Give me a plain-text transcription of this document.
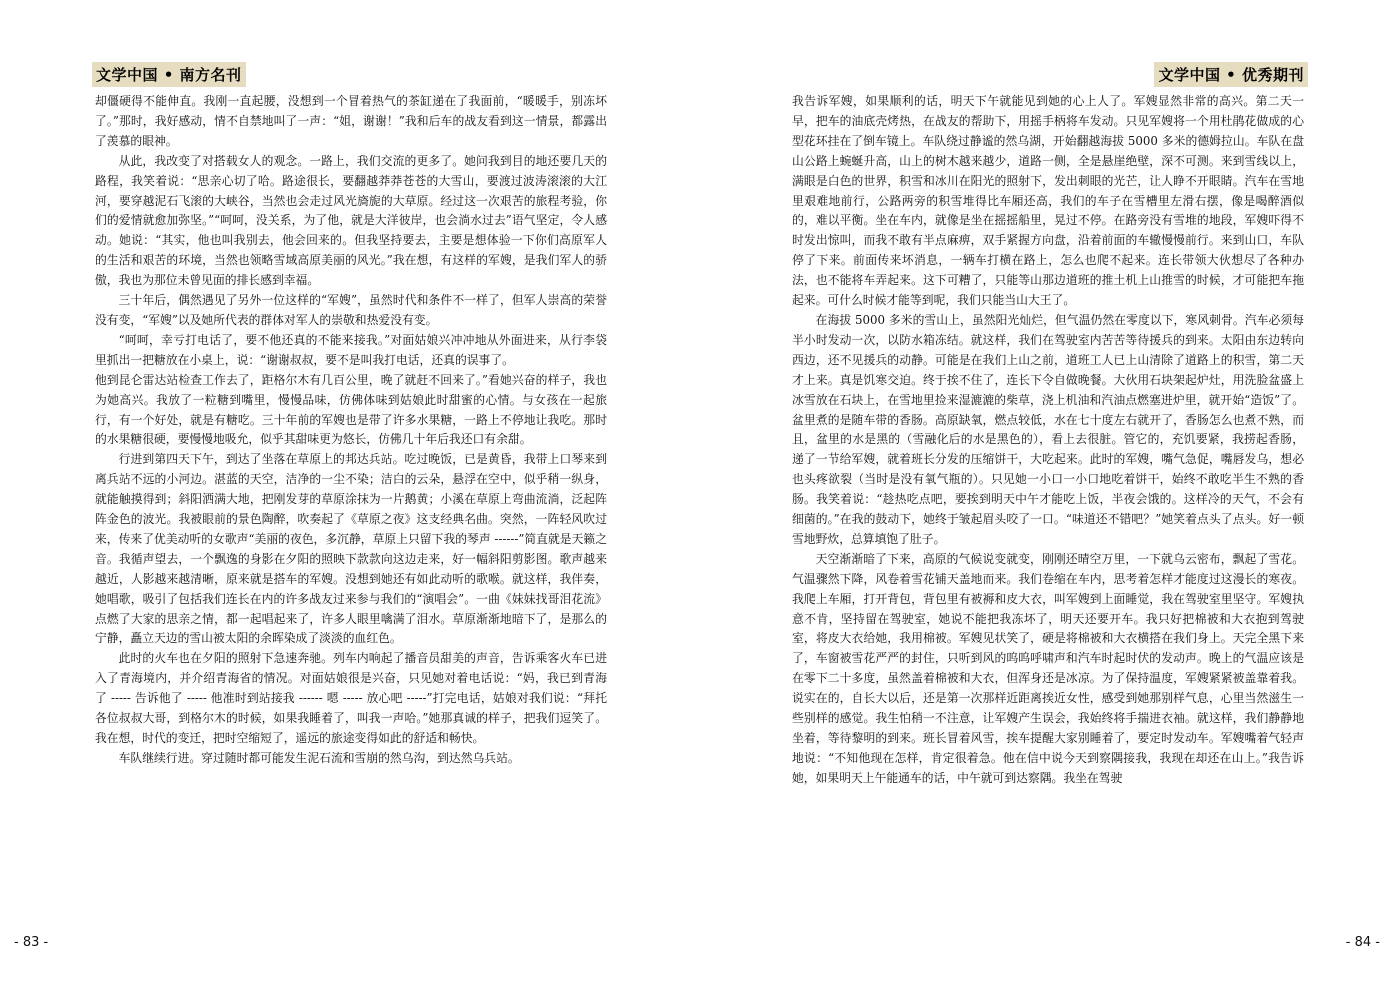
文学中国 • 南方名刊

却僵硬得不能伸直。我刚一直起腰，没想到一个冒着热气的茶缸递在了我面前，“暖暖手，别冻坏了。”那时，我好感动，情不自禁地叫了一声：“姐，谢谢！”我和后车的战友看到这一情景，都露出了羡慕的眼神。

从此，我改变了对搭载女人的观念。一路上，我们交流的更多了。她问我到目的地还要几天的路程，我笑着说：“思亲心切了哈。路途很长，要翻越莽莽苍苍的大雪山，要渡过波涛滚滚的大江河，要穿越泥石飞滚的大峡谷，当然也会走过风光旖旎的大草原。经过这一次艰苦的旅程考验，你们的爱情就愈加弥坚。”“呵呵，没关系，为了他，就是大洋彼岸，也会淌水过去”语气坚定，令人感动。她说：“其实，他也叫我别去，他会回来的。但我坚持要去，主要是想体验一下你们高原军人的生活和艰苦的环境，当然也领略雪域高原美丽的风光。”我在想，有这样的军嫂，是我们军人的骄傲，我也为那位未曾见面的排长感到幸福。

三十年后，偶然遇见了另外一位这样的“军嫂”，虽然时代和条件不一样了，但军人崇高的荣誉没有变，“军嫂”以及她所代表的群体对军人的崇敬和热爱没有变。

“呵呵，幸亏打电话了，要不他还真的不能来接我。”对面姑娘兴冲冲地从外面进来，从行李袋里抓出一把糖放在小桌上，说：“谢谢叔叔，要不是叫我打电话，还真的误事了。

他到昆仑雷达站检查工作去了，距格尔木有几百公里，晚了就赶不回来了。”看她兴奋的样子，我也为她高兴。我放了一粒糖到嘴里，慢慢品味，仿佛体味到姑娘此时甜蜜的心情。与女孩在一起旅行，有一个好处，就是有糖吃。三十年前的军嫂也是带了许多水果糖，一路上不停地让我吃。那时的水果糖很硬，要慢慢地吸允，似乎其甜味更为悠长，仿佛几十年后我还口有余甜。

行进到第四天下午，到达了坐落在草原上的邦达兵站。吃过晚饭，已是黄昏，我带上口琴来到离兵站不远的小河边。湛蓝的天空，洁净的一尘不染；洁白的云朵，悬浮在空中，似乎稍一纵身，就能触摸得到；斜阳洒满大地，把刚发芽的草原涂抹为一片鹅黄；小溪在草原上弯曲流淌，泛起阵阵金色的波光。我被眼前的景色陶醉，吹奏起了《草原之夜》这支经典名曲。突然，一阵轻风吹过来，传来了优美动听的女歌声“美丽的夜色，多沉静，草原上只留下我的琴声 ------”简直就是天籁之音。我循声望去，一个飘逸的身影在夕阳的照映下款款向这边走来，好一幅斜阳剪影图。歌声越来越近，人影越来越清晰，原来就是搭车的军嫂。没想到她还有如此动听的歌喉。就这样，我伴奏，她唱歌，吸引了包括我们连长在内的许多战友过来参与我们的“演唱会”。一曲《妹妹找哥泪花流》点燃了大家的思亲之情，都一起唱起来了，许多人眼里噙满了泪水。草原渐渐地暗下了，是那么的宁静，矗立天边的雪山被太阳的余晖染成了淡淡的血红色。

此时的火车也在夕阳的照射下急速奔驰。列车内响起了播音员甜美的声音，告诉乘客火车已进入了青海境内，并介绍青海省的情况。对面姑娘很是兴奋，只见她对着电话说：“妈，我已到青海了 ----- 告诉他了 ----- 他准时到站接我 ------ 嗯 ----- 放心吧 -----”打完电话，姑娘对我们说：“拜托各位叔叔大哥，到格尔木的时候，如果我睡着了，叫我一声哈。”她那真诚的样子，把我们逗笑了。我在想，时代的变迁，把时空缩短了，遥远的旅途变得如此的舒适和畅快。

车队继续行进。穿过随时都可能发生泥石流和雪崩的然乌沟，到达然乌兵站。

- 83 -
文学中国 • 优秀期刊

我告诉军嫂，如果顺利的话，明天下午就能见到她的心上人了。军嫂显然非常的高兴。第二天一早，把车的油底壳烤热，在战友的帮助下，用摇手柄将车发动。只见军嫂将一个用杜鹃花做成的心型花环挂在了倒车镜上。车队绕过静谧的然乌湖，开始翻越海拔 5000 多米的德姆拉山。车队在盘山公路上蜿蜒升高，山上的树木越来越少，道路一侧，全是悬崖绝壁，深不可测。来到雪线以上，满眼是白色的世界，积雪和冰川在阳光的照射下，发出刺眼的光芒，让人睁不开眼睛。汽车在雪地里艰难地前行，公路两旁的积雪堆得比车厢还高，我们的车子在雪槽里左滑右摆，像是喝醉酒似的，难以平衡。坐在车内，就像是坐在摇摇船里，晃过不停。在路旁没有雪堆的地段，军嫂吓得不时发出惊叫，而我不敢有半点麻痹，双手紧握方向盘，沿着前面的车辙慢慢前行。来到山口，车队停了下来。前面传来坏消息，一辆车打横在路上，怎么也爬不起来。连长带领大伙想尽了各种办法，也不能将车弄起来。这下可糟了，只能等山那边道班的推土机上山推雪的时候，才可能把车拖起来。可什么时候才能等到呢，我们只能当山大王了。

在海拔 5000 多米的雪山上，虽然阳光灿烂，但气温仍然在零度以下，寒风刺骨。汽车必须每半小时发动一次，以防水箱冻结。就这样，我们在驾驶室内苦苦等待援兵的到来。太阳由东边转向西边，还不见援兵的动静。可能是在我们上山之前，道班工人已上山清除了道路上的积雪，第二天才上来。真是饥寒交迫。终于挨不住了，连长下令自做晚餐。大伙用石块架起炉灶，用洗脸盆盛上冰雪放在石块上，在雪地里捡来湿漉漉的柴草，浇上机油和汽油点燃塞进炉里，就开始“造饭”了。盆里煮的是随车带的香肠。高原缺氧，燃点较低，水在七十度左右就开了，香肠怎么也煮不熟，而且，盆里的水是黑的（雪融化后的水是黑色的），看上去很脏。管它的，充饥要紧，我捞起香肠，递了一节给军嫂，就着班长分发的压缩饼干，大吃起来。此时的军嫂，嘴气急促，嘴唇发乌，想必也头疼欲裂（当时是没有氧气瓶的）。只见她一小口一小口地吃着饼干，始终不敢吃半生不熟的香肠。我笑着说：“趁热吃点吧，要挨到明天中午才能吃上饭，半夜会饿的。这样冷的天气，不会有细菌的。”在我的鼓动下，她终于皱起眉头咬了一口。“味道还不错吧？”她笑着点头了点头。好一顿雪地野炊，总算填饱了肚子。

天空渐渐暗了下来，高原的气候说变就变，刚刚还晴空万里，一下就乌云密布，飘起了雪花。气温骤然下降，风卷着雪花铺天盖地而来。我们卷缩在车内，思考着怎样才能度过这漫长的寒夜。我爬上车厢，打开背包，背包里有被褥和皮大衣，叫军嫂到上面睡觉，我在驾驶室里坚守。军嫂执意不肯，坚持留在驾驶室，她说不能把我冻坏了，明天还要开车。我只好把棉被和大衣抱到驾驶室，将皮大衣给她，我用棉被。军嫂见状笑了，硬是将棉被和大衣横搭在我们身上。天完全黑下来了，车窗被雪花严严的封住，只听到风的呜呜呼啸声和汽车时起时伏的发动声。晚上的气温应该是在零下二十多度，虽然盖着棉被和大衣，但浑身还是冰凉。为了保持温度，军嫂紧紧被盖靠着我。说实在的，自长大以后，还是第一次那样近距离挨近女性，感受到她那别样气息，心里当然滋生一些别样的感觉。我生怕稍一不注意，让军嫂产生误会，我始终将手揣进衣袖。就这样，我们静静地坐着，等待黎明的到来。班长冒着风雪，挨车提醒大家别睡着了，要定时发动车。军嫂嘴着气轻声地说：“不知他现在怎样，肯定很着急。他在信中说今天到察隅接我，我现在却还在山上。”我告诉她，如果明天上午能通车的话，中午就可到达察隅。我坐在驾驶

- 84 -
